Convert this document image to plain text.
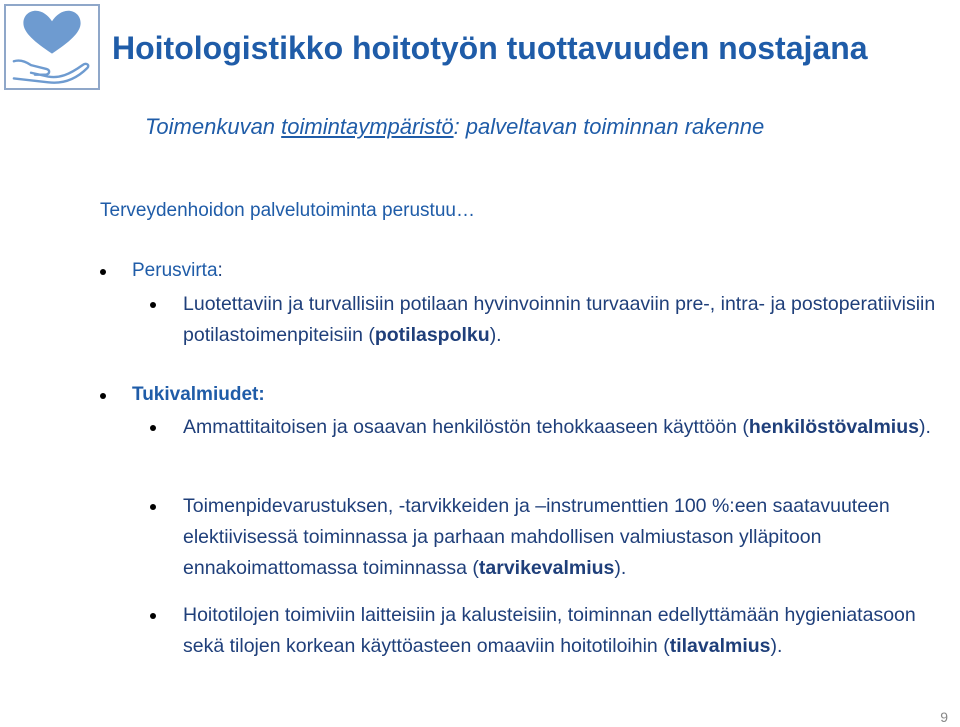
Hoitologistikko hoitotyön tuottavuuden nostajana
Toimenkuvan toimintaympäristö: palveltavan toiminnan rakenne
Terveydenhoidon palvelutoiminta perustuu…
Perusvirta:
Luotettaviin ja turvallisiin potilaan hyvinvoinnin turvaaviin pre-, intra- ja postoperatiivisiin potilastoimenpiteisiin (potilaspolku).
Tukivalmiudet:
Ammattitaitoisen ja osaavan henkilöstön tehokkaaseen käyttöön (henkilöstövalmius).
Toimenpidevarustuksen, -tarvikkeiden ja –instrumenttien 100 %:een saatavuuteen elektiivisessä toiminnassa ja parhaan mahdollisen valmiustason ylläpitoon ennakoimattomassa toiminnassa (tarvikevalmius).
Hoitotilojen toimiviin laitteisiin ja kalusteisiin, toiminnan edellyttämään hygieniatasoon sekä tilojen korkean käyttöasteen omaaviin hoitotiloihin (tilavalmius).
9
